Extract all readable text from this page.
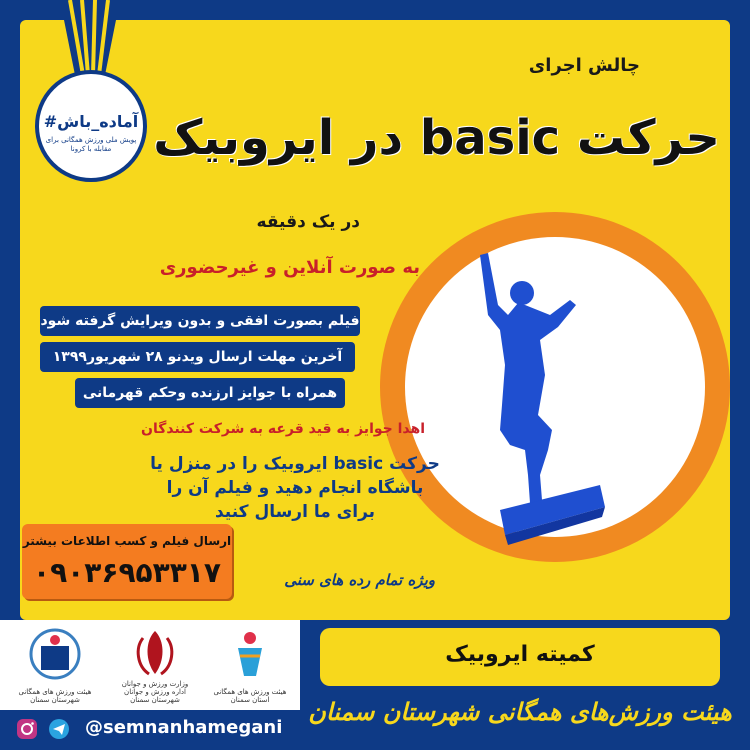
#آماده_باش
پویش ملی ورزش همگانی برای مقابله با کرونا
چالش اجرای
حرکت basic در ایروبیک
در یک دقیقه
به صورت آنلاین و غیرحضوری
فیلم بصورت افقی و بدون ویرایش گرفته شود
آخرین مهلت ارسال ویدنو ۲۸ شهریور۱۳۹۹
همراه با جوایز ارزنده وحکم قهرمانی
اهدا جوایز به قید قرعه به شرکت کنندگان
حرکت basic ایروبیک را در منزل یا باشگاه انجام دهید و فیلم آن را برای ما ارسال کنید
ارسال فیلم و کسب اطلاعات بیشتر
۰۹۰۳۶۹۵۳۳۱۷	ویژه تمام رده های سنی
هیئت ورزش های همگانی شهرستان سمنان
وزارت ورزش و جوانان اداره ورزش و جوانان شهرستان سمنان
هیئت ورزش های همگانی استان سمنان
کمیته ایروبیک
هیئت ورزش‌های همگانی شهرستان سمنان
@semnanhamegani
